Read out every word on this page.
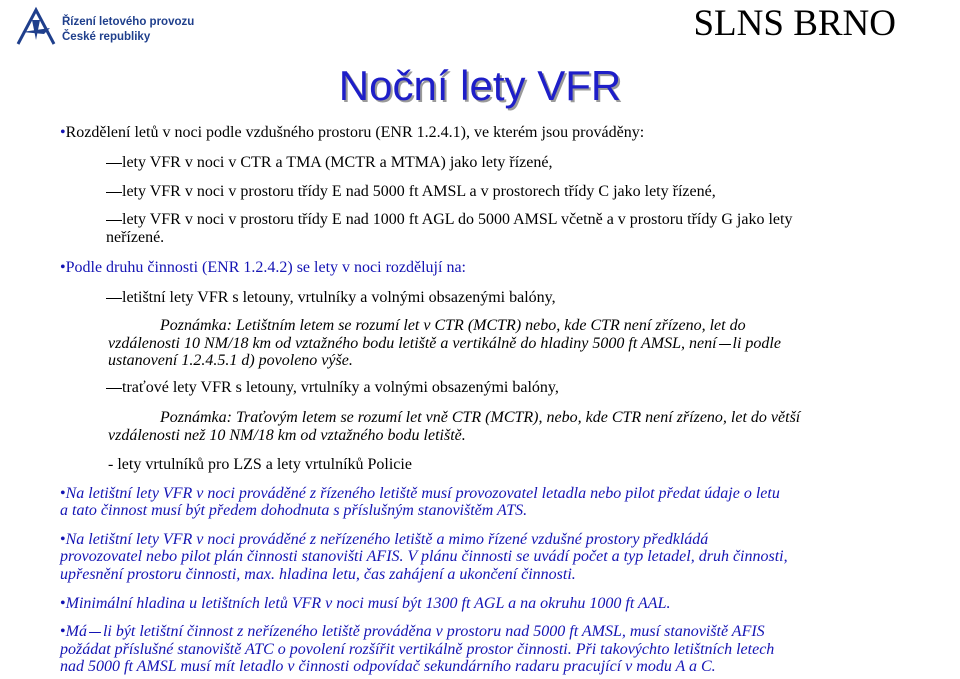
Řízení letového provozu
České republiky	SLNS BRNO
Noční lety VFR
•Rozdělení letů v noci podle vzdušného prostoru (ENR 1.2.4.1), ve kterém jsou prováděny:
lety VFR v noci v CTR a TMA (MCTR a MTMA) jako lety řízené,
lety VFR v noci v prostoru třídy E nad 5000 ft AMSL a v prostorech třídy C jako lety řízené,
lety VFR v noci v prostoru třídy E nad 1000 ft AGL do 5000 AMSL včetně a v prostoru třídy G jako lety
neřízené.
•Podle druhu činnosti (ENR 1.2.4.2) se lety v noci rozdělují na:
letištní lety VFR s letouny, vrtulníky a volnými obsazenými balóny,
Poznámka: Letištním letem se rozumí let v CTR (MCTR) nebo, kde CTR není zřízeno, let do
vzdálenosti 10 NM/18 km od vztažného bodu letiště a vertikálně do hladiny 5000 ft AMSL, není li podle
ustanovení 1.2.4.5.1 d) povoleno výše.
traťové lety VFR s letouny, vrtulníky a volnými obsazenými balóny,
Poznámka: Traťovým letem se rozumí let vně CTR (MCTR), nebo, kde CTR není zřízeno, let do větší
vzdálenosti než 10 NM/18 km od vztažného bodu letiště.
- lety vrtulníků pro LZS a lety vrtulníků Policie
•Na letištní lety VFR v noci prováděné z řízeného letiště musí provozovatel letadla nebo pilot předat údaje o letu
a tato činnost musí být předem dohodnuta s příslušným stanovištěm ATS.
•Na letištní lety VFR v noci prováděné z neřízeného letiště a mimo řízené vzdušné prostory předkládá
provozovatel nebo pilot plán činnosti stanovišti AFIS. V plánu činnosti se uvádí počet a typ letadel, druh činnosti,
upřesnění prostoru činnosti, max. hladina letu, čas zahájení a ukončení činnosti.
•Minimální hladina u letištních letů VFR v noci musí být 1300 ft AGL a na okruhu 1000 ft AAL.
•Má li být letištní činnost z neřízeného letiště prováděna v prostoru nad 5000 ft AMSL, musí stanoviště AFIS
požádat příslušné stanoviště ATC o povolení rozšířit vertikálně prostor činnosti. Při takovýchto letištních letech
nad 5000 ft AMSL musí mít letadlo v činnosti odpovídač sekundárního radaru pracující v modu A a C.
